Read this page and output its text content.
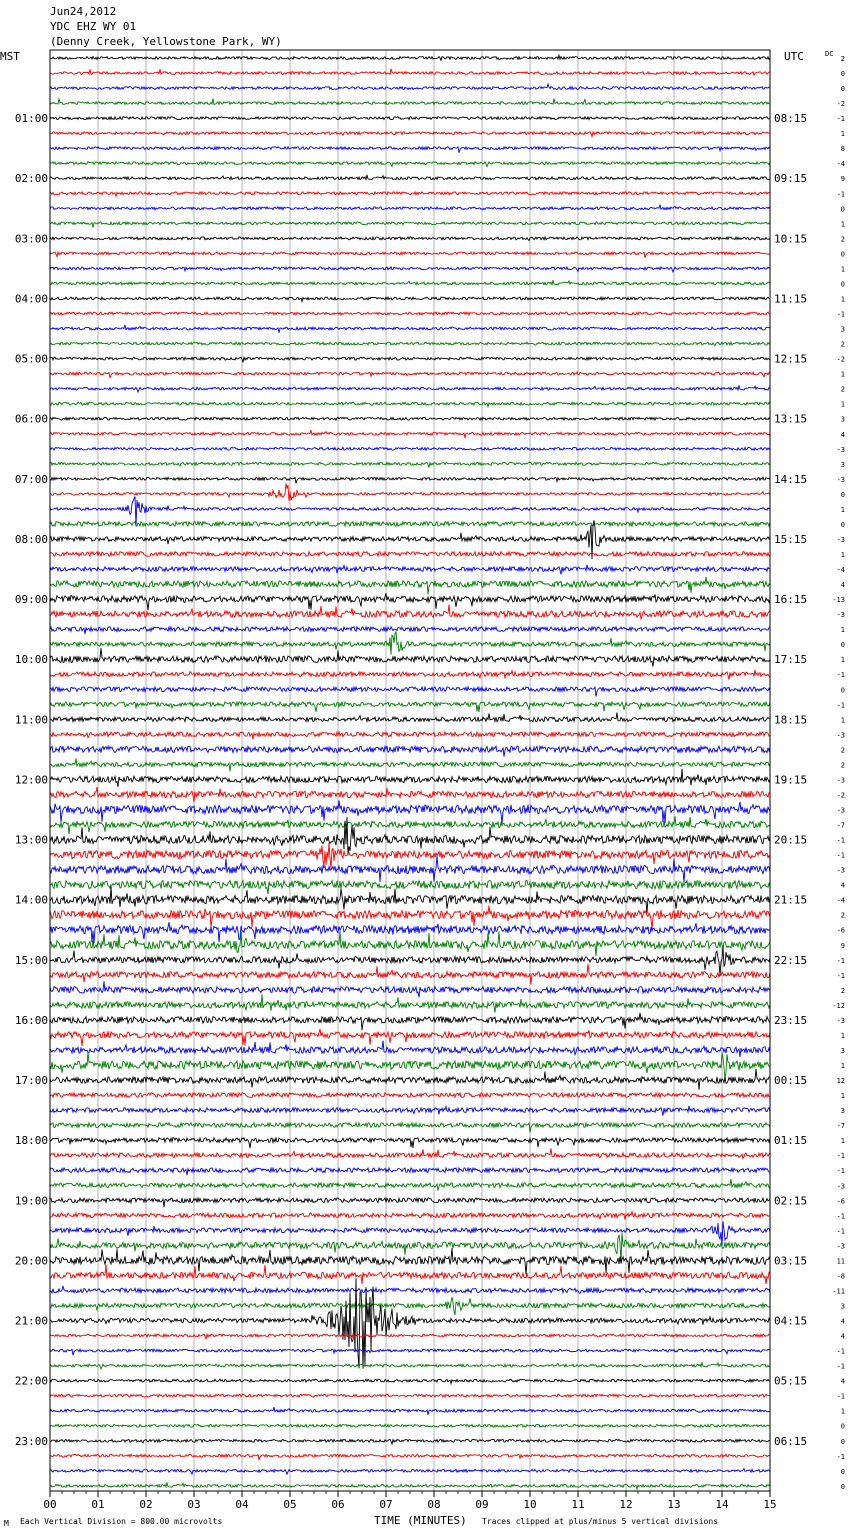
Jun24,2012
YDC EHZ WY 01
(Denny Creek, Yellowstone Park, WY)
MST	UTC	DC
00	01	02	03	04	05	06	07	08	09	10	11	12	13	14	15
2
0
0
-2
-1
1
8
-4
9
-1
0
1
2
0
1
0
1
-1
3
2
-2
1
2
1
3
4
-3
3
-3
0
1
0
-3
1
-4
4
-13
-3
1
0
1
-1
0
-1
1
-3
2
2
-3
-2
-3
-7
-1
-1
-3
4
-4
2
-6
9
-1
-1
2
-12
-3
1
3
1
12
1
3
-7
1
-1
-1
-3
-6
-1
-1
-3
11
-8
-11
3
4
4
-1
-1
4
-1
1
0
0
-1
0
0
01:00
02:00
03:00
04:00
05:00
06:00
07:00
08:00
09:00
10:00
11:00
12:00
13:00
14:00
15:00
16:00
17:00
18:00
19:00
20:00
21:00
22:00
23:00
08:15
09:15
10:15
11:15
12:15
13:15
14:15
15:15
16:15
17:15
18:15
19:15
20:15
21:15
22:15
23:15
00:15
01:15
02:15
03:15
04:15
05:15
06:15
M Each Vertical Division = 800.00 microvolts	TIME (MINUTES) Traces clipped at plus/minus 5 vertical divisions
